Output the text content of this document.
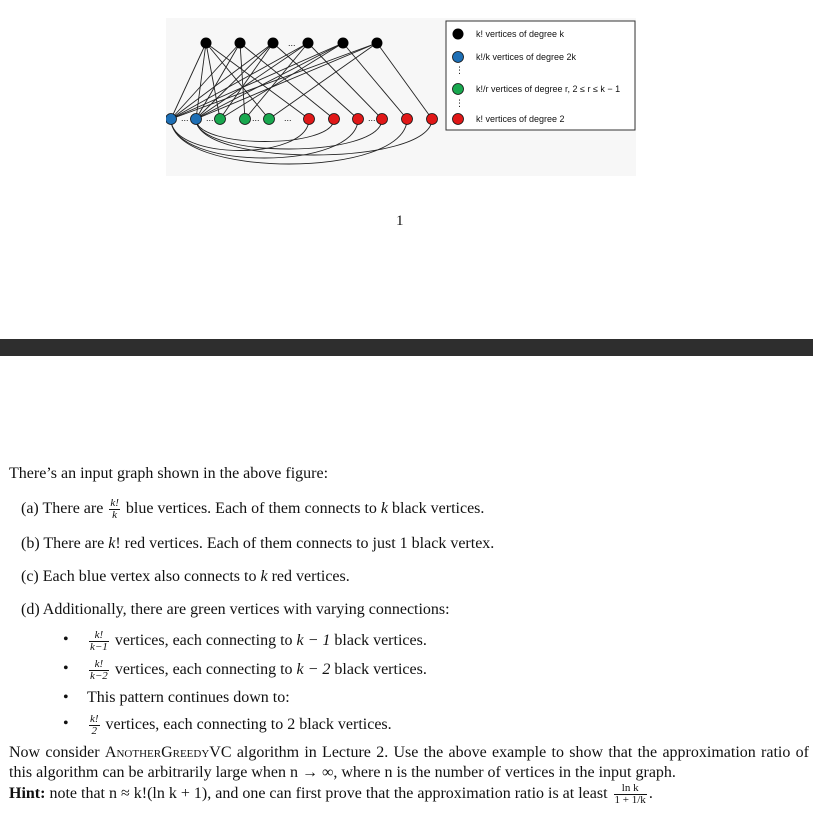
...
... ...	...	...	...
k! vertices of degree k
k!/k vertices of degree 2k
⋮
k!/r vertices of degree r, 2 ≤ r ≤ k − 1
⋮
k! vertices of degree 2
1

There’s an input graph shown in the above figure:

(a) There are $\frac{k!}{k}$ blue vertices. Each of them connects to k black vertices.

(b) There are k! red vertices. Each of them connects to just 1 black vertex.

(c) Each blue vertex also connects to k red vertices.

(d) Additionally, there are green vertices with varying connections:

• $\frac{k!}{k-1}$ vertices, each connecting to k − 1 black vertices.
• $\frac{k!}{k-2}$ vertices, each connecting to k − 2 black vertices.
• This pattern continues down to:
• $\frac{k!}{2}$ vertices, each connecting to 2 black vertices.

Now consider AnotherGreedyVC algorithm in Lecture 2. Use the above example to show that the approximation ratio of this algorithm can be arbitrarily large when n → ∞, where n is the number of vertices in the input graph.

Hint: note that n ≈ k!(ln k + 1), and one can first prove that the approximation ratio is at least $\frac{\text{ln k}}{1 + 1/k}$ .
